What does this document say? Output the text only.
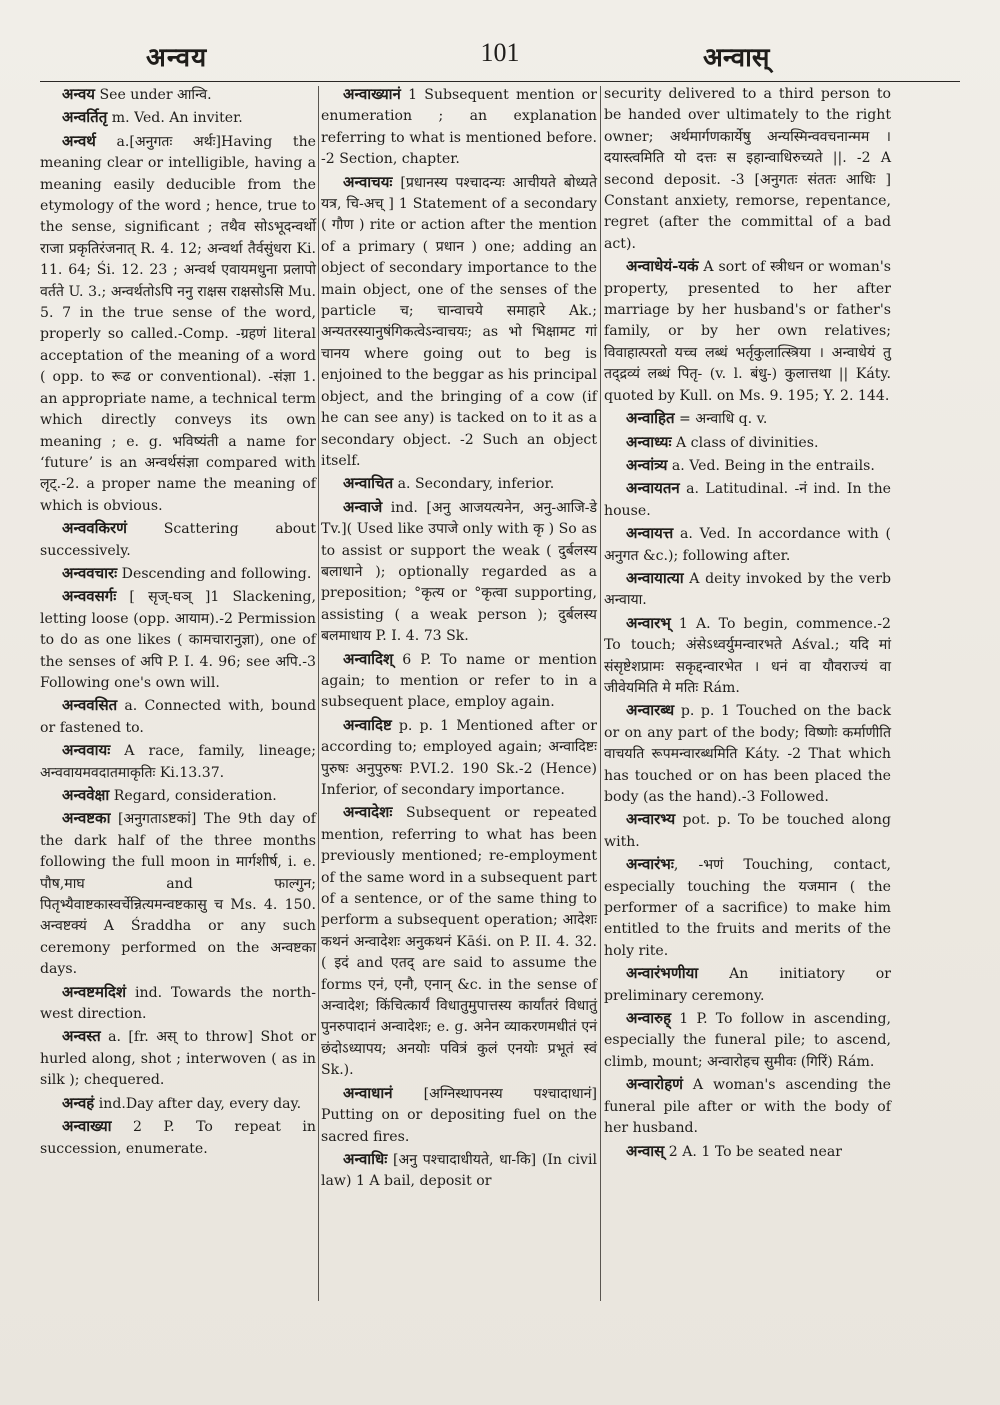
अन्वय	101	अन्वास्

अन्वय See under आन्वि.

अन्वर्तितृ m. Ved. An inviter.

अन्वर्थ a.[अनुगतः अर्थः]Having the meaning clear or intelligible, having a meaning easily deducible from the etymology of the word ; hence, true to the sense, significant ; तथैव सोऽभूदन्वर्थो राजा प्रकृतिरंजनात् R. 4. 12; अन्वर्था तैर्वसुंधरा Ki. 11. 64; Śi. 12. 23 ; अन्वर्थ एवायमधुना प्रलापो वर्तते U. 3.; अन्वर्थतोऽपि ननु राक्षस राक्षसोऽसि Mu. 5. 7 in the true sense of the word, properly so called.-Comp. -ग्रहणं literal acceptation of the meaning of a word ( opp. to रूढ or conventional). -संज्ञा 1. an appropriate name, a technical term which directly conveys its own meaning ; e. g. भविष्यंती a name for ‘future’ is an अन्वर्थसंज्ञा compared with लृट्.-2. a proper name the meaning of which is obvious.

अन्ववकिरणं Scattering about successively.

अन्ववचारः Descending and following.

अन्ववसर्गः [ सृज्-घञ् ]1 Slackening, letting loose (opp. आयाम).-2 Permission to do as one likes ( कामचारानुज्ञा), one of the senses of अपि P. I. 4. 96; see अपि.-3 Following one's own will.

अन्ववसित a. Connected with, bound or fastened to.

अन्ववायः A race, family, lineage; अन्ववायमवदातमाकृतिः Ki.13.37.

अन्ववेक्षा Regard, consideration.

अन्वष्टका [अनुगताऽष्टकां] The 9th day of the dark half of the three months following the full moon in मार्गशीर्ष, i. e. पौष,माघ and फाल्गुन; पितृभ्यैवाष्टकास्वर्चेन्नित्यमन्वष्टकासु च Ms. 4. 150. अन्वष्टक्यं A Śraddha or any such ceremony performed on the अन्वष्टका days.

अन्वष्टमदिशं ind. Towards the north-west direction.

अन्वस्त a. [fr. अस् to throw] Shot or hurled along, shot ; interwoven ( as in silk ); chequered.

अन्वहं ind.Day after day, every day.

अन्वाख्या 2 P. To repeat in succession, enumerate.

अन्वाख्यानं 1 Subsequent mention or enumeration ; an explanation referring to what is mentioned before. -2 Section, chapter.

अन्वाचयः [प्रधानस्य पश्चादन्यः आचीयते बोध्यते यत्र, चि-अच् ] 1 Statement of a secondary ( गौण ) rite or action after the mention of a primary ( प्रधान ) one; adding an object of secondary importance to the main object, one of the senses of the particle च; चान्वाचये समाहारे Ak.; अन्यतरस्यानुषंगिकत्वेऽन्वाचयः; as भो भिक्षामट गां चानय where going out to beg is enjoined to the beggar as his principal object, and the bringing of a cow (if he can see any) is tacked on to it as a secondary object. -2 Such an object itself.

अन्वाचित a. Secondary, inferior.

अन्वाजे ind. [अनु आजयत्यनेन, अनु-आजि-डे Tv.]( Used like उपाजे only with कृ ) So as to assist or support the weak ( दुर्बलस्य बलाधाने ); optionally regarded as a preposition; °कृत्य or °कृत्वा supporting, assisting ( a weak person ); दुर्बलस्य बलमाधाय P. I. 4. 73 Sk.

अन्वादिश् 6 P. To name or mention again; to mention or refer to in a subsequent place, employ again.

अन्वादिष्ट p. p. 1 Mentioned after or according to; employed again; अन्वादिष्टः पुरुषः अनुपुरुषः P.VI.2. 190 Sk.-2 (Hence) Inferior, of secondary importance.

अन्वादेशः Subsequent or repeated mention, referring to what has been previously mentioned; re-employment of the same word in a subsequent part of a sentence, or of the same thing to perform a subsequent operation; आदेशः कथनं अन्वादेशः अनुकथनं Kāśi. on P. II. 4. 32. ( इदं and एतद् are said to assume the forms एनं, एनौ, एनान् &c. in the sense of अन्वादेश; किंचित्कार्यं विधातुमुपात्तस्य कार्यांतरं विधातुं पुनरुपादानं अन्वादेशः; e. g. अनेन व्याकरणमधीतं एनं छंदोऽध्यापय; अनयोः पवित्रं कुलं एनयोः प्रभूतं स्वं Sk.).

अन्वाधानं [अग्निस्थापनस्य पश्चादाधानं] Putting on or depositing fuel on the sacred fires.

अन्वाधिः [अनु पश्चादाधीयते, धा-कि] (In civil law) 1 A bail, deposit or

security delivered to a third person to be handed over ultimately to the right owner; अर्थमार्गणकार्येषु अन्यस्मिन्ववचनान्मम । दयास्त्वमिति यो दत्तः स इहान्वाधिरुच्यते ||. -2 A second deposit. -3 [अनुगतः संततः आधिः ] Constant anxiety, remorse, repentance, regret (after the committal of a bad act).

अन्वाधेयं-यकं A sort of स्त्रीधन or woman's property, presented to her after marriage by her husband's or father's family, or by her own relatives; विवाहात्परतो यच्च लब्धं भर्तृकुलात्स्त्रिया । अन्वाधेयं तु तद्द्रव्यं लब्धं पितृ- (v. l. बंधु-) कुलात्तथा || Káty. quoted by Kull. on Ms. 9. 195; Y. 2. 144.

अन्वाहित = अन्वाधि q. v.

अन्वाध्यः A class of divinities.

अन्वांत्र्य a. Ved. Being in the entrails.

अन्वायतन a. Latitudinal. -नं ind. In the house.

अन्वायत्त a. Ved. In accordance with ( अनुगत &c.); following after.

अन्वायात्या A deity invoked by the verb अन्वाया.

अन्वारभ् 1 A. To begin, commence.-2 To touch; अंसेऽध्वर्युमन्वारभते Aśval.; यदि मां संसृष्टेशप्रामः सकृद्दन्वारभेत । धनं वा यौवराज्यं वा जीवेयमिति मे मतिः Rám.

अन्वारब्ध p. p. 1 Touched on the back or on any part of the body; विष्णोः कर्माणीति वाचयति रूपमन्वारब्धमिति Káty. -2 That which has touched or on has been placed the body (as the hand).-3 Followed.

अन्वारभ्य pot. p. To be touched along with.

अन्वारंभः, -भणं Touching, contact, especially touching the यजमान ( the performer of a sacrifice) to make him entitled to the fruits and merits of the holy rite.

अन्वारंभणीया An initiatory or preliminary ceremony.

अन्वारुह् 1 P. To follow in ascending, especially the funeral pile; to ascend, climb, mount; अन्वारोहच सुमीवः (गिरिं) Rám.

अन्वारोहणं A woman's ascending the funeral pile after or with the body of her husband.

अन्वास् 2 A. 1 To be seated near
